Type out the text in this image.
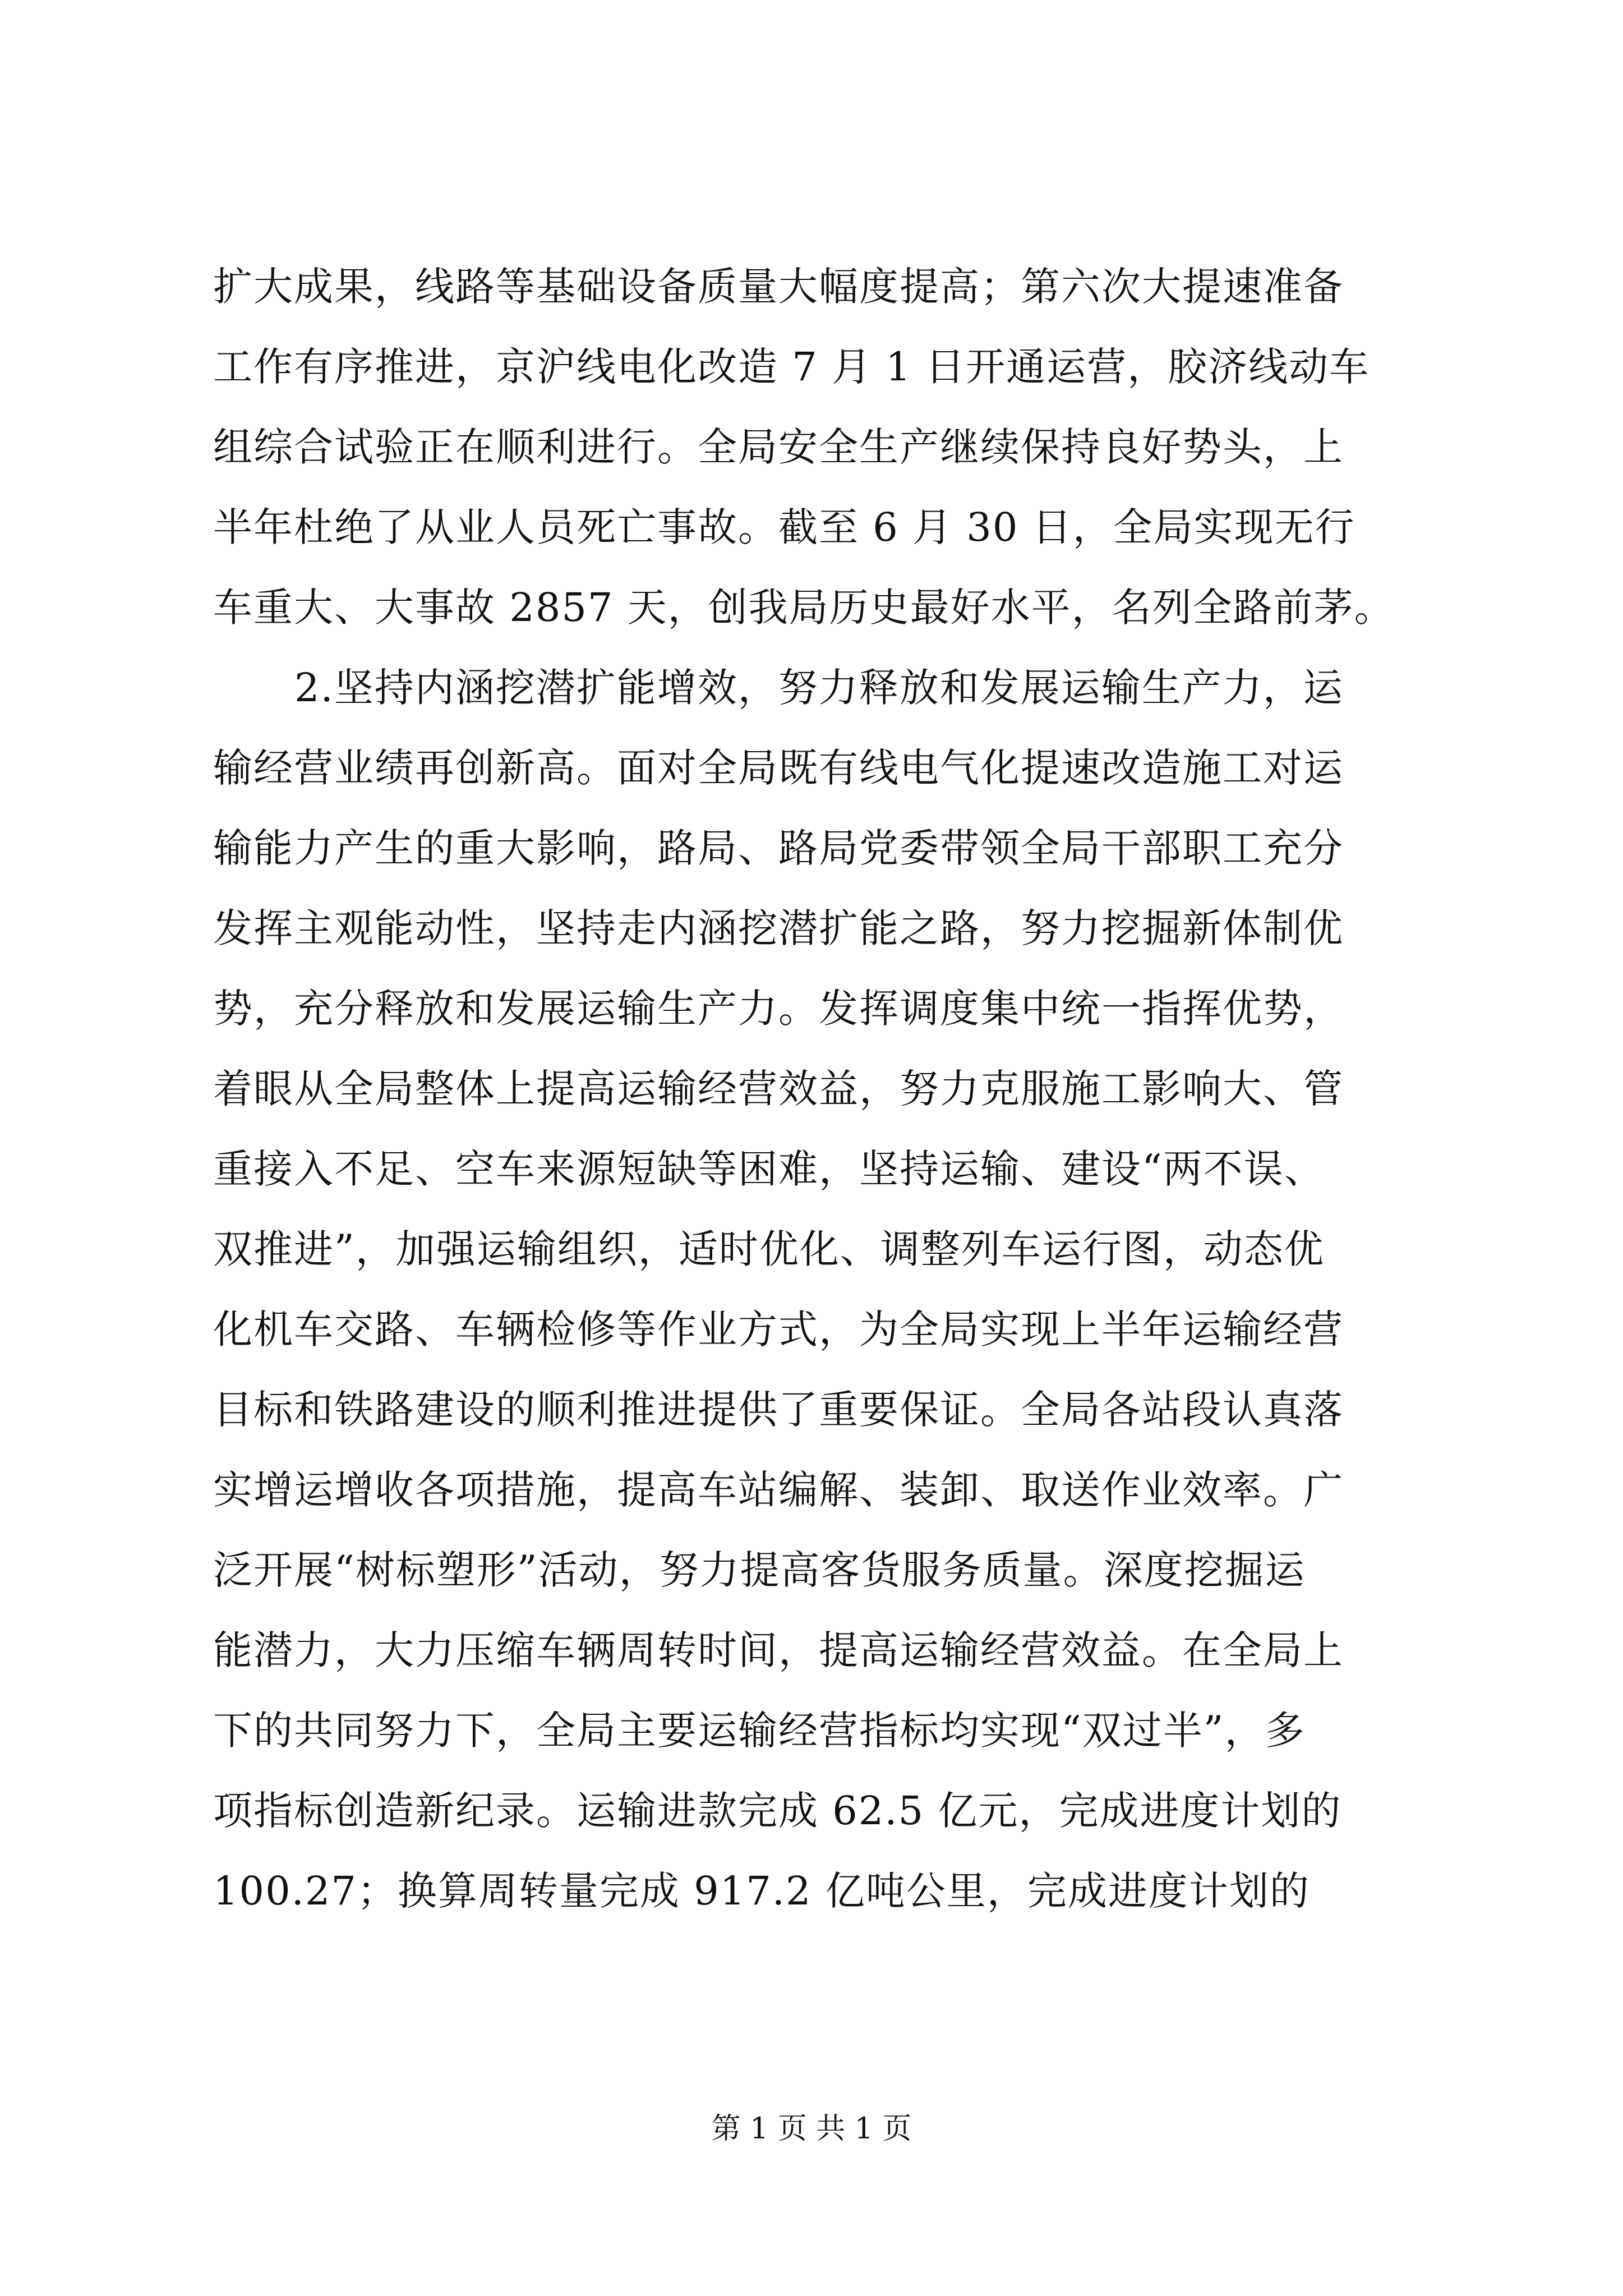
扩大成果，线路等基础设备质量大幅度提高；第六次大提速准备
工作有序推进，京沪线电化改造 7 月 1 日开通运营，胶济线动车
组综合试验正在顺利进行。全局安全生产继续保持良好势头，上
半年杜绝了从业人员死亡事故。截至 6 月 30 日，全局实现无行
车重大、大事故 2857 天，创我局历史最好水平，名列全路前茅。
2.坚持内涵挖潜扩能增效，努力释放和发展运输生产力，运
输经营业绩再创新高。面对全局既有线电气化提速改造施工对运
输能力产生的重大影响，路局、路局党委带领全局干部职工充分
发挥主观能动性，坚持走内涵挖潜扩能之路，努力挖掘新体制优
势，充分释放和发展运输生产力。发挥调度集中统一指挥优势，
着眼从全局整体上提高运输经营效益，努力克服施工影响大、管
重接入不足、空车来源短缺等困难，坚持运输、建设“两不误、
双推进”，加强运输组织，适时优化、调整列车运行图，动态优
化机车交路、车辆检修等作业方式，为全局实现上半年运输经营
目标和铁路建设的顺利推进提供了重要保证。全局各站段认真落
实增运增收各项措施，提高车站编解、装卸、取送作业效率。广
泛开展“树标塑形”活动，努力提高客货服务质量。深度挖掘运
能潜力，大力压缩车辆周转时间，提高运输经营效益。在全局上
下的共同努力下，全局主要运输经营指标均实现“双过半”，多
项指标创造新纪录。运输进款完成 62.5 亿元，完成进度计划的
100.27；换算周转量完成 917.2 亿吨公里，完成进度计划的
第 1 页 共 1 页
